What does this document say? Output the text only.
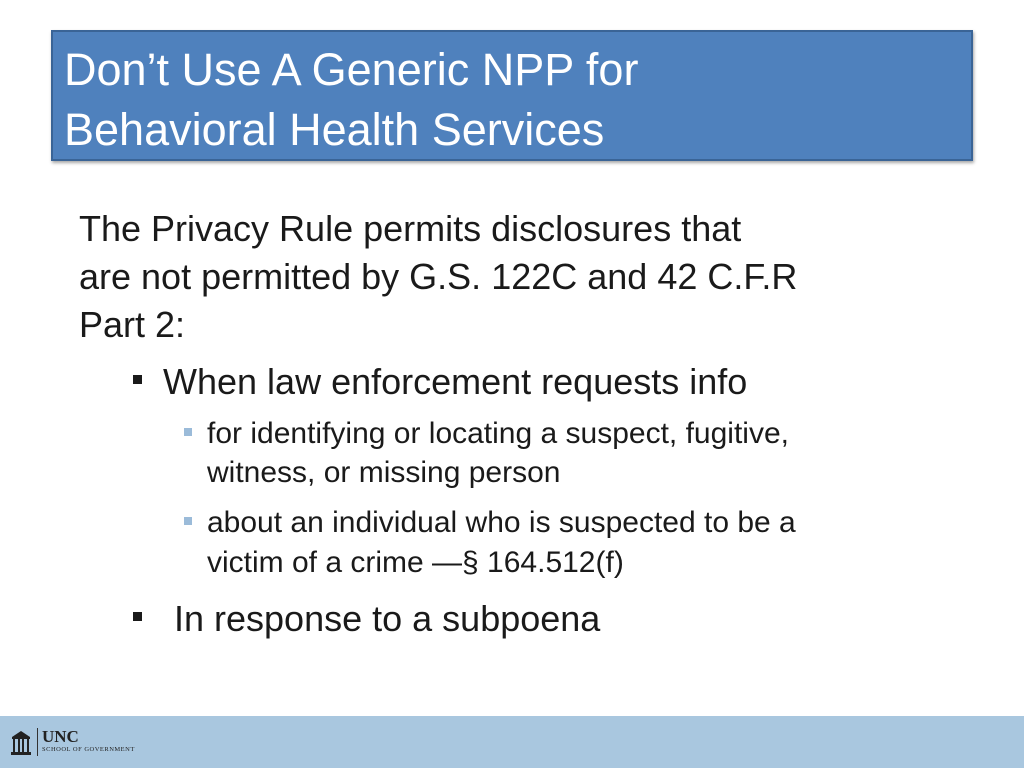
Don’t Use A Generic NPP for
Behavioral Health Services
The Privacy Rule permits disclosures that
are not permitted by G.S. 122C and 42 C.F.R
Part 2:
When law enforcement requests info
for identifying or locating a suspect, fugitive,
witness, or missing person
about an individual who is suspected to be a
victim of a crime —§ 164.512(f)
In response to a subpoena
UNC
SCHOOL OF GOVERNMENT
